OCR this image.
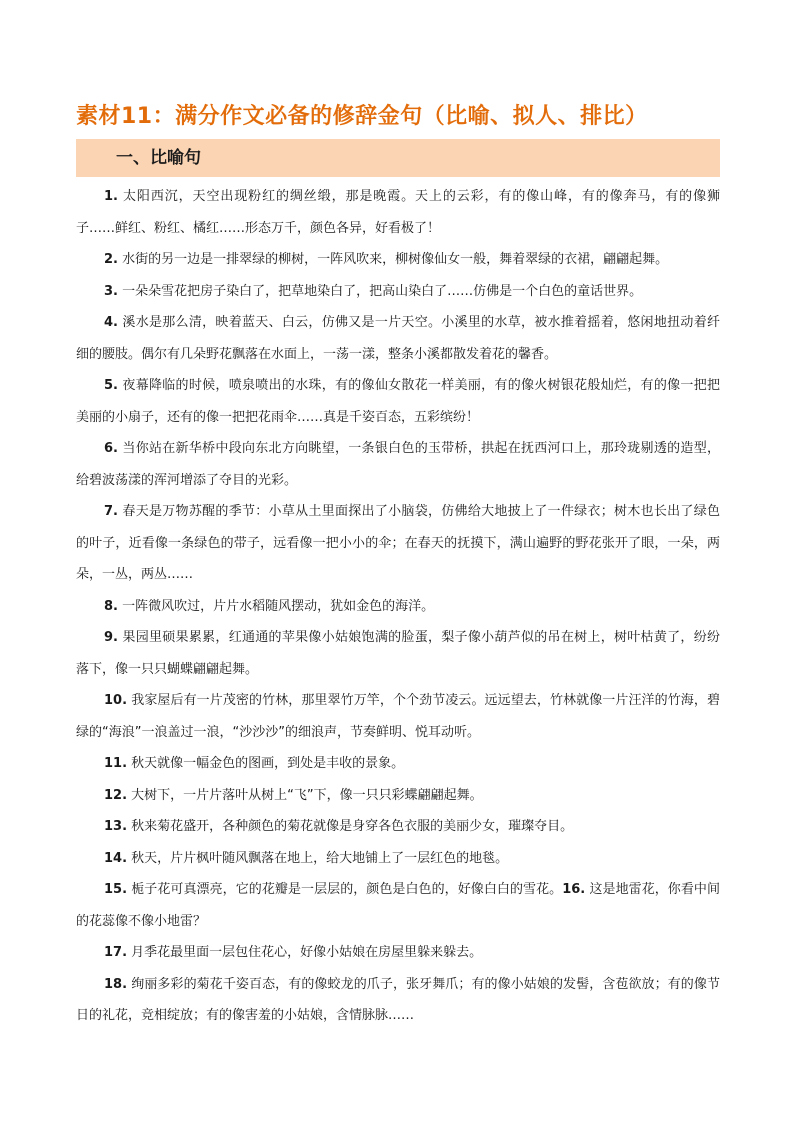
素材11：满分作文必备的修辞金句（比喻、拟人、排比）
一、比喻句

1. 太阳西沉，天空出现粉红的绸丝缎，那是晚霞。天上的云彩，有的像山峰，有的像奔马，有的像狮子……鲜红、粉红、橘红……形态万千，颜色各异，好看极了！

2. 水街的另一边是一排翠绿的柳树，一阵风吹来，柳树像仙女一般，舞着翠绿的衣裙，翩翩起舞。

3. 一朵朵雪花把房子染白了，把草地染白了，把高山染白了……仿佛是一个白色的童话世界。

4. 溪水是那么清，映着蓝天、白云，仿佛又是一片天空。小溪里的水草，被水推着摇着，悠闲地扭动着纤细的腰肢。偶尔有几朵野花飘落在水面上，一荡一漾，整条小溪都散发着花的馨香。

5. 夜幕降临的时候，喷泉喷出的水珠，有的像仙女散花一样美丽，有的像火树银花般灿烂，有的像一把把美丽的小扇子，还有的像一把把花雨伞……真是千姿百态，五彩缤纷！

6. 当你站在新华桥中段向东北方向眺望，一条银白色的玉带桥，拱起在抚西河口上，那玲珑剔透的造型，给碧波荡漾的浑河增添了夺目的光彩。

7. 春天是万物苏醒的季节：小草从土里面探出了小脑袋，仿佛给大地披上了一件绿衣；树木也长出了绿色的叶子，近看像一条绿色的带子，远看像一把小小的伞；在春天的抚摸下，满山遍野的野花张开了眼，一朵，两朵，一丛，两丛……

8. 一阵微风吹过，片片水稻随风摆动，犹如金色的海洋。

9. 果园里硕果累累，红通通的苹果像小姑娘饱满的脸蛋，梨子像小葫芦似的吊在树上，树叶枯黄了，纷纷落下，像一只只蝴蝶翩翩起舞。

10. 我家屋后有一片茂密的竹林，那里翠竹万竿，个个劲节凌云。远远望去，竹林就像一片汪洋的竹海，碧绿的“海浪”一浪盖过一浪，“沙沙沙”的细浪声，节奏鲜明、悦耳动听。

11. 秋天就像一幅金色的图画，到处是丰收的景象。

12. 大树下，一片片落叶从树上“飞”下，像一只只彩蝶翩翩起舞。

13. 秋来菊花盛开，各种颜色的菊花就像是身穿各色衣服的美丽少女，璀璨夺目。

14. 秋天，片片枫叶随风飘落在地上，给大地铺上了一层红色的地毯。

15. 栀子花可真漂亮，它的花瓣是一层层的，颜色是白色的，好像白白的雪花。16. 这是地雷花，你看中间的花蕊像不像小地雷？

17. 月季花最里面一层包住花心，好像小姑娘在房屋里躲来躲去。

18. 绚丽多彩的菊花千姿百态，有的像蛟龙的爪子，张牙舞爪；有的像小姑娘的发髻，含苞欲放；有的像节日的礼花，竞相绽放；有的像害羞的小姑娘，含情脉脉……
